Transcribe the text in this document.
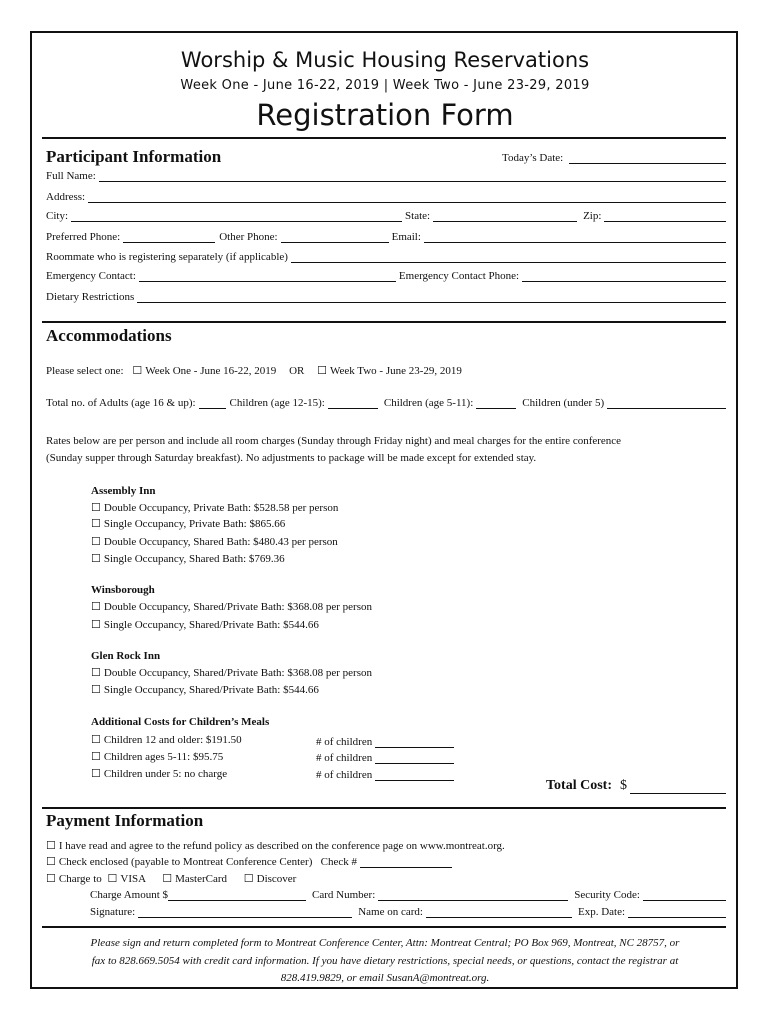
Worship & Music Housing Reservations
Week One - June 16-22, 2019 | Week Two - June 23-29, 2019
Registration Form
Participant Information	Today’s Date:
Full Name:
Address:
City:	State:	Zip:
Preferred Phone:	Other Phone:	Email:
Roommate who is registering separately (if applicable)
Emergency Contact:	Emergency Contact Phone:
Dietary Restrictions
Accommodations
Please select one: ☐ Week One - June 16-22, 2019 OR ☐ Week Two - June 23-29, 2019
Total no. of Adults (age 16 & up):	Children (age 12-15):	Children (age 5-11):	Children (under 5)
Rates below are per person and include all room charges (Sunday through Friday night) and meal charges for the entire conference
(Sunday supper through Saturday breakfast). No adjustments to package will be made except for extended stay.
Assembly Inn
☐ Double Occupancy, Private Bath: $528.58 per person
☐ Single Occupancy, Private Bath: $865.66
☐ Double Occupancy, Shared Bath: $480.43 per person
☐ Single Occupancy, Shared Bath: $769.36
Winsborough
☐ Double Occupancy, Shared/Private Bath: $368.08 per person
☐ Single Occupancy, Shared/Private Bath: $544.66
Glen Rock Inn
☐ Double Occupancy, Shared/Private Bath: $368.08 per person
☐ Single Occupancy, Shared/Private Bath: $544.66
Additional Costs for Children’s Meals
☐ Children 12 and older: $191.50
☐ Children ages 5-11: $95.75
☐ Children under 5: no charge
# of children
# of children
# of children
Total Cost: $
Payment Information
☐ I have read and agree to the refund policy as described on the conference page on www.montreat.org.
☐ Check enclosed (payable to Montreat Conference Center)   Check #
☐ Charge to ☐ VISA ☐ MasterCard ☐ Discover
Charge Amount $	Card Number:	Security Code:
Signature:	Name on card:	Exp. Date:
Please sign and return completed form to Montreat Conference Center, Attn: Montreat Central; PO Box 969, Montreat, NC 28757, or
fax to 828.669.5054 with credit card information. If you have dietary restrictions, special needs, or questions, contact the registrar at
828.419.9829, or email SusanA@montreat.org.
